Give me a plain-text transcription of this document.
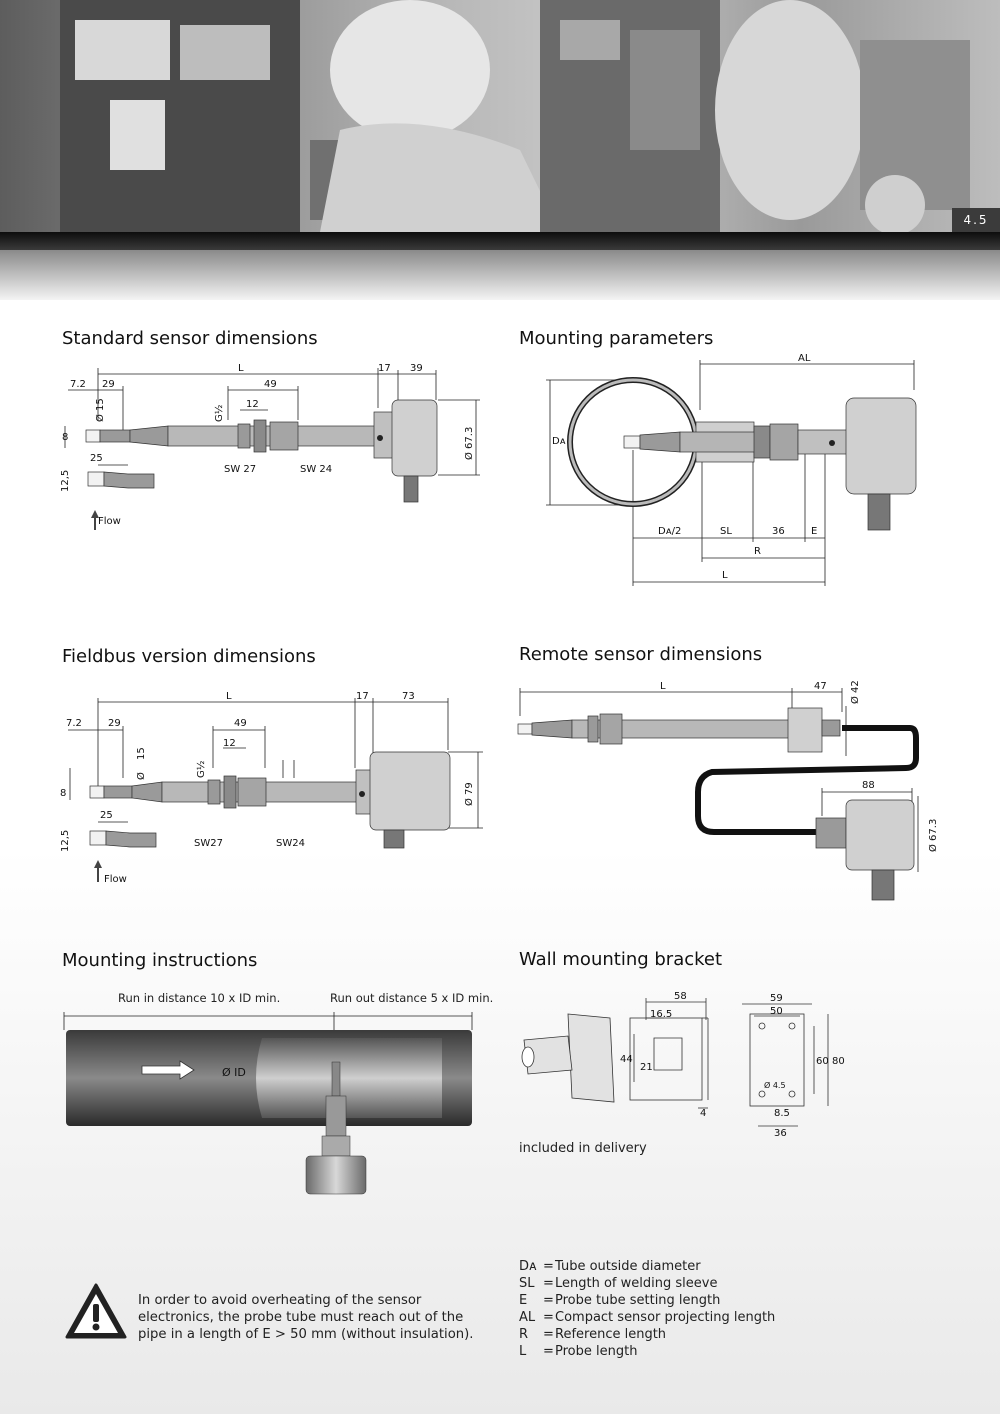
4.5
Standard sensor dimensions	Mounting parameters
Fieldbus version dimensions	Remote sensor dimensions
Mounting instructions	Wall mounting bracket
L	17 39
7.2 29	49
12
G½
Ø 15
8
25
12,5
Ø 67.3
SW 27	SW 24
Flow
AL
Dᴀ
Dᴀ/2	SL	36	E
R
L
L	17	73
7.2	29	49
12
15
Ø	G½
8
25
12,5
Ø 79
SW27	SW24
Flow
L	47 Ø 42
88
Ø 67.3
Run in distance 10 x ID min.	Run out distance 5 x ID min.
Ø ID
58
16.5
44
21
4
59
50
60 80
Ø 4.5
8.5
36
included in delivery
In order to avoid overheating of the sensor electronics, the probe tube must reach out of the pipe in a length of E > 50 mm (without insulation).
Dᴀ = Tube outside diameter
SL = Length of welding sleeve
E	= Probe tube setting length
AL = Compact sensor projecting length
R	= Reference length
L	= Probe length
